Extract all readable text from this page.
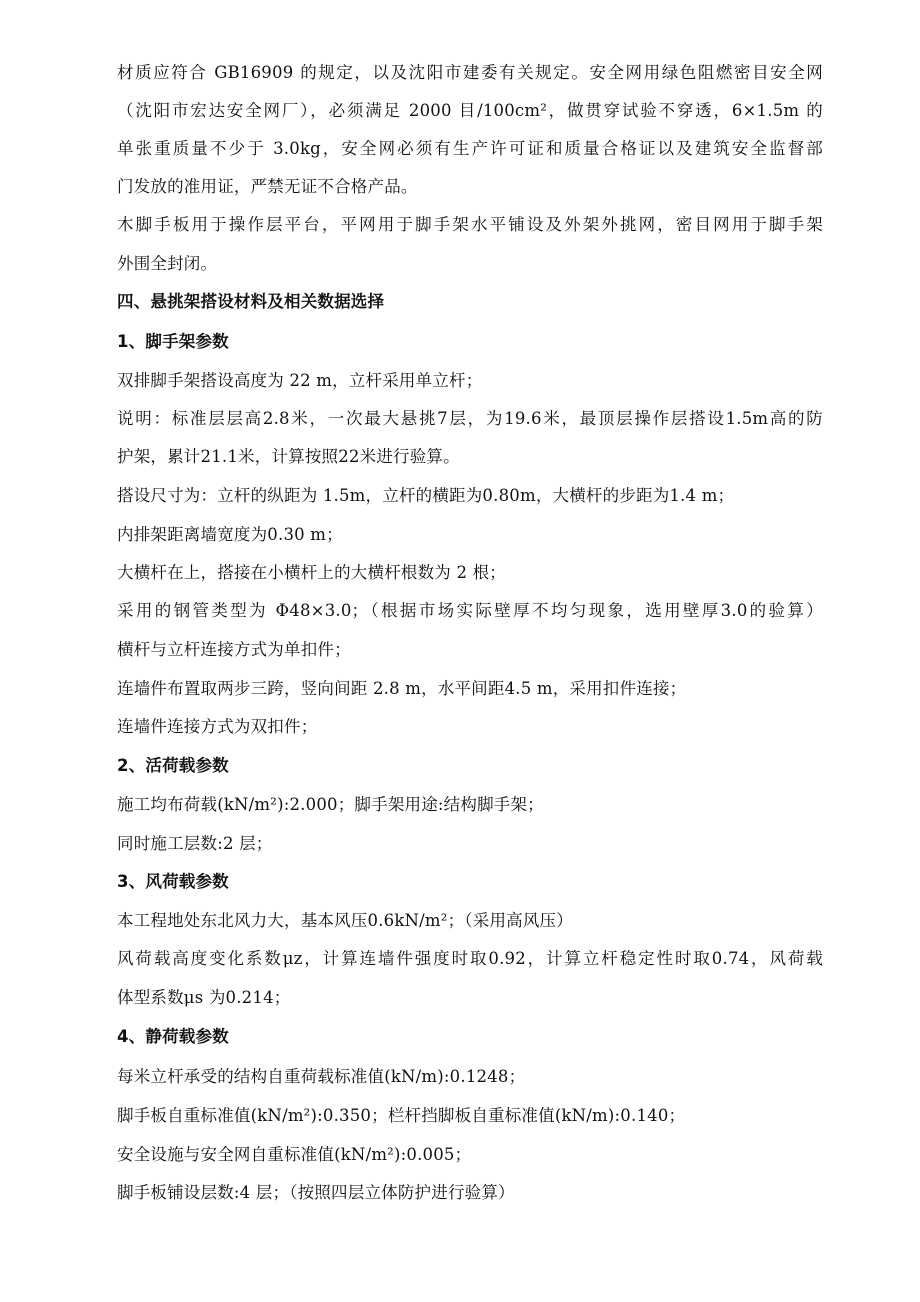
材质应符合 GB16909 的规定，以及沈阳市建委有关规定。安全网用绿色阻燃密目安全网
（沈阳市宏达安全网厂），必须满足 2000 目/100cm²，做贯穿试验不穿透，6×1.5m 的
单张重质量不少于 3.0kg，安全网必须有生产许可证和质量合格证以及建筑安全监督部
门发放的准用证，严禁无证不合格产品。
木脚手板用于操作层平台，平网用于脚手架水平铺设及外架外挑网，密目网用于脚手架
外围全封闭。
四、悬挑架搭设材料及相关数据选择
1、脚手架参数
双排脚手架搭设高度为 22 m，立杆采用单立杆；
说明：标准层层高2.8米，一次最大悬挑7层，为19.6米，最顶层操作层搭设1.5m高的防
护架，累计21.1米，计算按照22米进行验算。
搭设尺寸为：立杆的纵距为 1.5m，立杆的横距为0.80m，大横杆的步距为1.4 m；
内排架距离墙宽度为0.30 m；
大横杆在上，搭接在小横杆上的大横杆根数为 2 根；
采用的钢管类型为 Φ48×3.0；（根据市场实际壁厚不均匀现象，选用壁厚3.0的验算）
横杆与立杆连接方式为单扣件；
连墙件布置取两步三跨，竖向间距 2.8 m，水平间距4.5 m，采用扣件连接；
连墙件连接方式为双扣件；
2、活荷载参数
施工均布荷载(kN/m²):2.000；脚手架用途:结构脚手架；
同时施工层数:2 层；
3、风荷载参数
本工程地处东北风力大，基本风压0.6kN/m²；（采用高风压）
风荷载高度变化系数μz，计算连墙件强度时取0.92，计算立杆稳定性时取0.74，风荷载
体型系数μs 为0.214；
4、静荷载参数
每米立杆承受的结构自重荷载标准值(kN/m):0.1248；
脚手板自重标准值(kN/m²):0.350；栏杆挡脚板自重标准值(kN/m):0.140；
安全设施与安全网自重标准值(kN/m²):0.005；
脚手板铺设层数:4 层；（按照四层立体防护进行验算）
